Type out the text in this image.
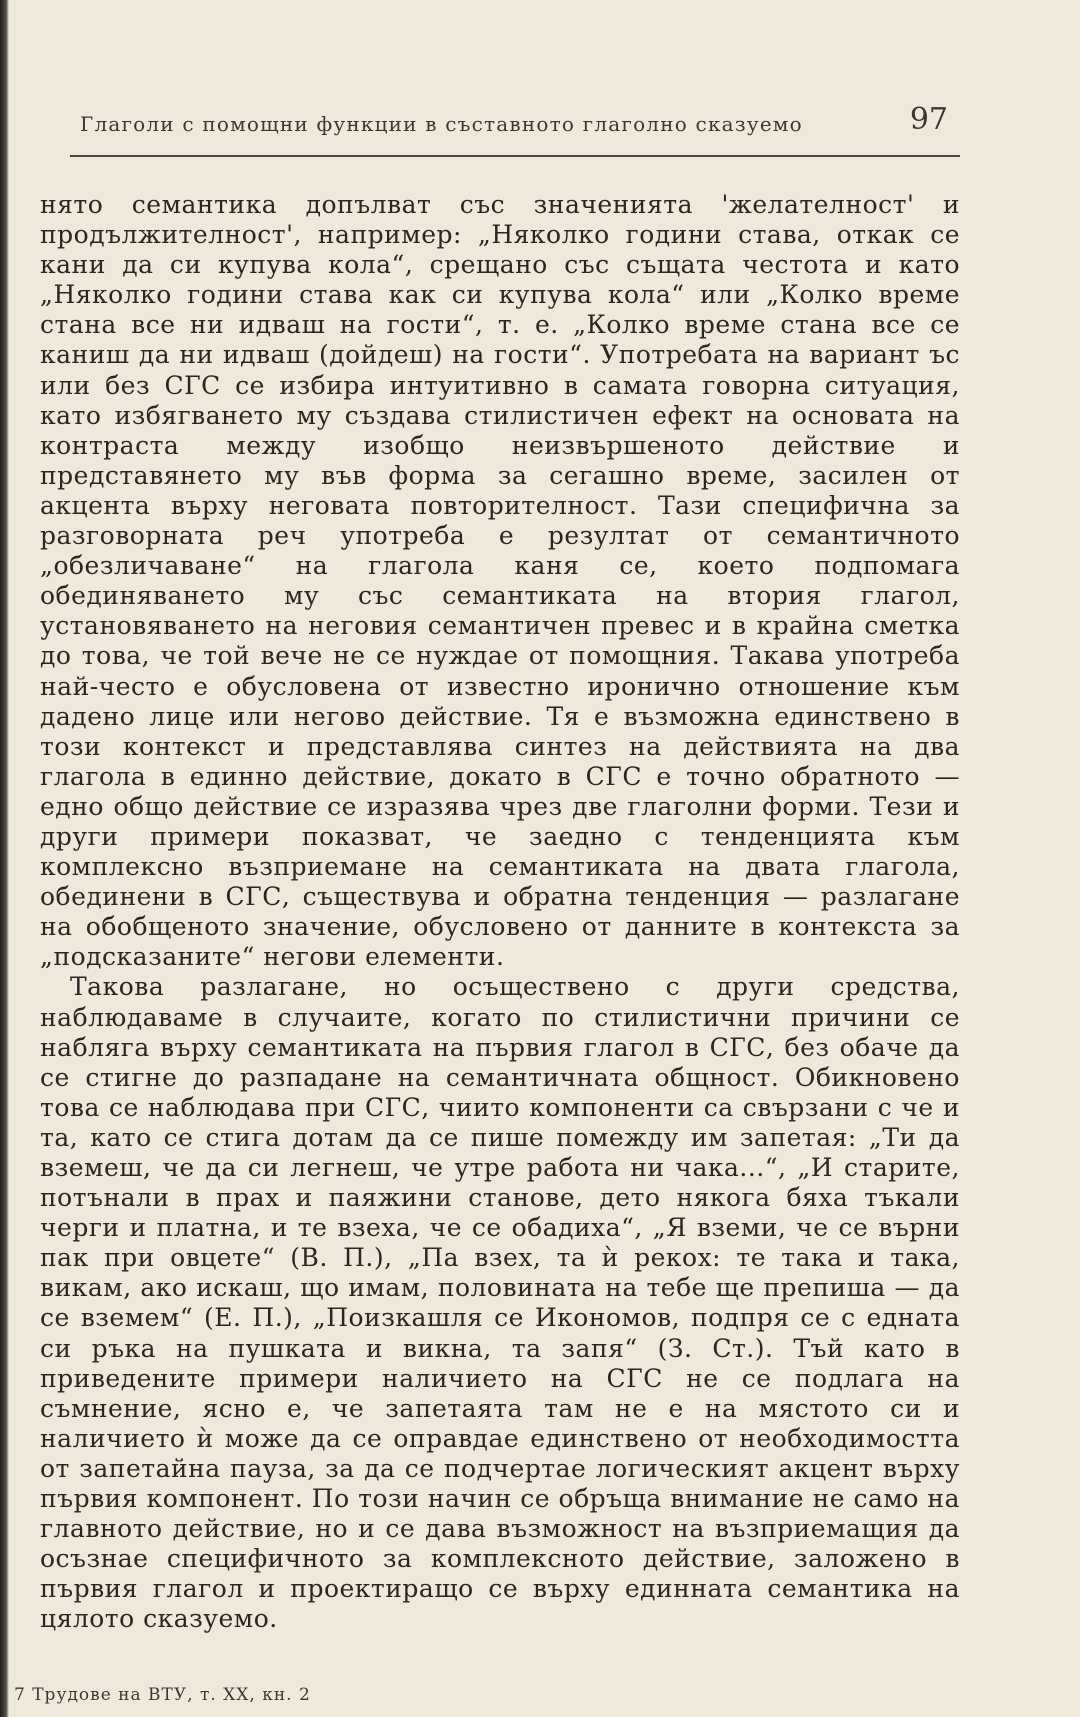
Глаголи с помощни функции в съставното глаголно сказуемо	97

нято семантика допълват със значенията 'желателност' и продължителност', например: „Няколко години става, откак се кани да си купува кола“, срещано със същата честота и като „Няколко години става как си купува кола“ или „Колко време стана все ни идваш на гости“, т. е. „Колко време стана все се каниш да ни идваш (дойдеш) на гости“. Употребата на вариант ъс или без СГС се избира интуитивно в самата говорна ситуация, като избягването му създава стилистичен ефект на основата на контраста между изобщо неизвършеното действие и представянето му във форма за сегашно време, засилен от акцента върху неговата повторителност. Тази специфична за разговорната реч употреба е резултат от семантичното „обезличаване“ на глагола каня се, което подпомага обединяването му със семантиката на втория глагол, установяването на неговия семантичен превес и в крайна сметка до това, че той вече не се нуждае от помощния. Такава употреба най-често е обусловена от известно иронично отношение към дадено лице или негово действие. Тя е възможна единствено в този контекст и представлява синтез на действията на два глагола в единно действие, докато в СГС е точно обратното — едно общо действие се изразява чрез две глаголни форми. Тези и други примери показват, че заедно с тенденцията към комплексно възприемане на семантиката на двата глагола, обединени в СГС, съществува и обратна тенденция — разлагане на обобщеното значение, обусловено от данните в контекста за „подсказаните“ негови елементи.

Такова разлагане, но осъществено с други средства, наблюдаваме в случаите, когато по стилистични причини се набляга върху семантиката на първия глагол в СГС, без обаче да се стигне до разпадане на семантичната общност. Обикновено това се наблюдава при СГС, чиито компоненти са свързани с че и та, като се стига дотам да се пише помежду им запетая: „Ти да вземеш, че да си легнеш, че утре работа ни чака...“, „И старите, потънали в прах и паяжини станове, дето някога бяха тъкали черги и платна, и те взеха, че се обадиха“, „Я вземи, че се върни пак при овцете“ (В. П.), „Па взех, та ѝ рекох: те така и така, викам, ако искаш, що имам, половината на тебе ще препиша — да се вземем“ (Е. П.), „Поизкашля се Икономов, подпря се с едната си ръка на пушката и викна, та запя“ (З. Ст.). Тъй като в приведените примери наличието на СГС не се подлага на съмнение, ясно е, че запетаята там не е на мястото си и наличието ѝ може да се оправдае единствено от необходимостта от запетайна пауза, за да се подчертае логическият акцент върху първия компонент. По този начин се обръща внимание не само на главното действие, но и се дава възможност на възприемащия да осъзнае специфичното за комплексното действие, заложено в първия глагол и проектиращо се върху единната семантика на цялото сказуемо.

7 Трудове на ВТУ, т. XX, кн. 2
